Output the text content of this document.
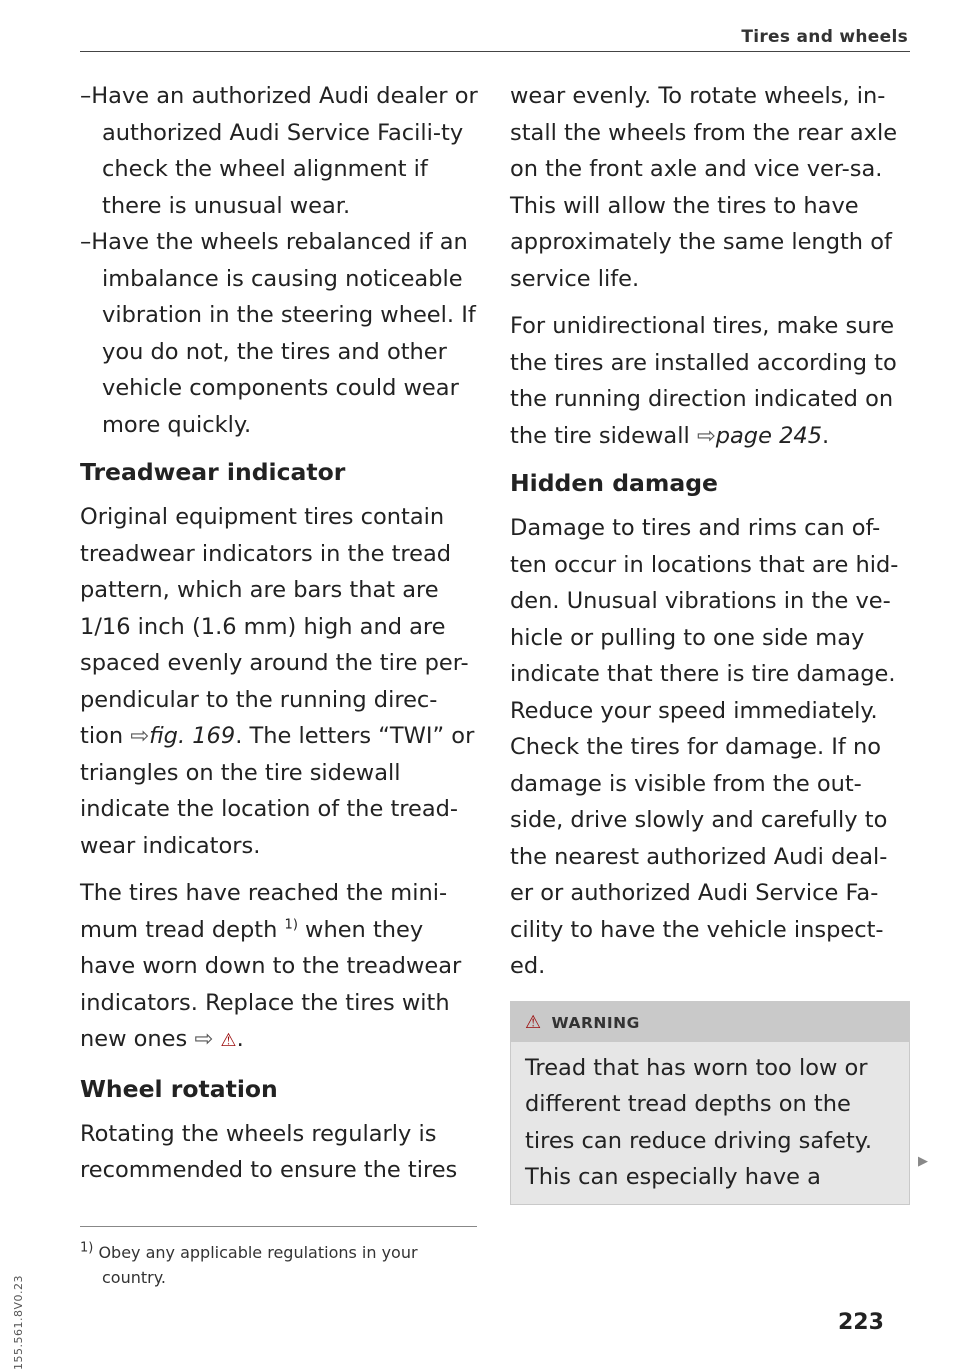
Tires and wheels

–Have an authorized Audi dealer or authorized Audi Service Facili-ty check the wheel alignment if there is unusual wear.

–Have the wheels rebalanced if an imbalance is causing noticeable vibration in the steering wheel. If you do not, the tires and other vehicle components could wear more quickly.

Treadwear indicator

Original equipment tires contain treadwear indicators in the tread pattern, which are bars that are 1/16 inch (1.6 mm) high and are spaced evenly around the tire per-pendicular to the running direc-tion ⇨fig. 169. The letters “TWI” or triangles on the tire sidewall indicate the location of the tread-wear indicators.

The tires have reached the mini-mum tread depth $^{1)}$ when they have worn down to the treadwear indicators. Replace the tires with new ones ⇨ ⚠.

Wheel rotation

Rotating the wheels regularly is recommended to ensure the tires

wear evenly. To rotate wheels, in-stall the wheels from the rear axle on the front axle and vice ver-sa. This will allow the tires to have approximately the same length of service life.

For unidirectional tires, make sure the tires are installed according to the running direction indicated on the tire sidewall ⇨page 245.

Hidden damage

Damage to tires and rims can of-ten occur in locations that are hid-den. Unusual vibrations in the ve-hicle or pulling to one side may indicate that there is tire damage. Reduce your speed immediately. Check the tires for damage. If no damage is visible from the out-side, drive slowly and carefully to the nearest authorized Audi deal-er or authorized Audi Service Fa-cility to have the vehicle inspect-ed.

⚠ WARNING
Tread that has worn too low or different tread depths on the tires can reduce driving safety. This can especially have a
▶
$^{1)}$ Obey any applicable regulations in your
country.
155.561.8V0.23	223
